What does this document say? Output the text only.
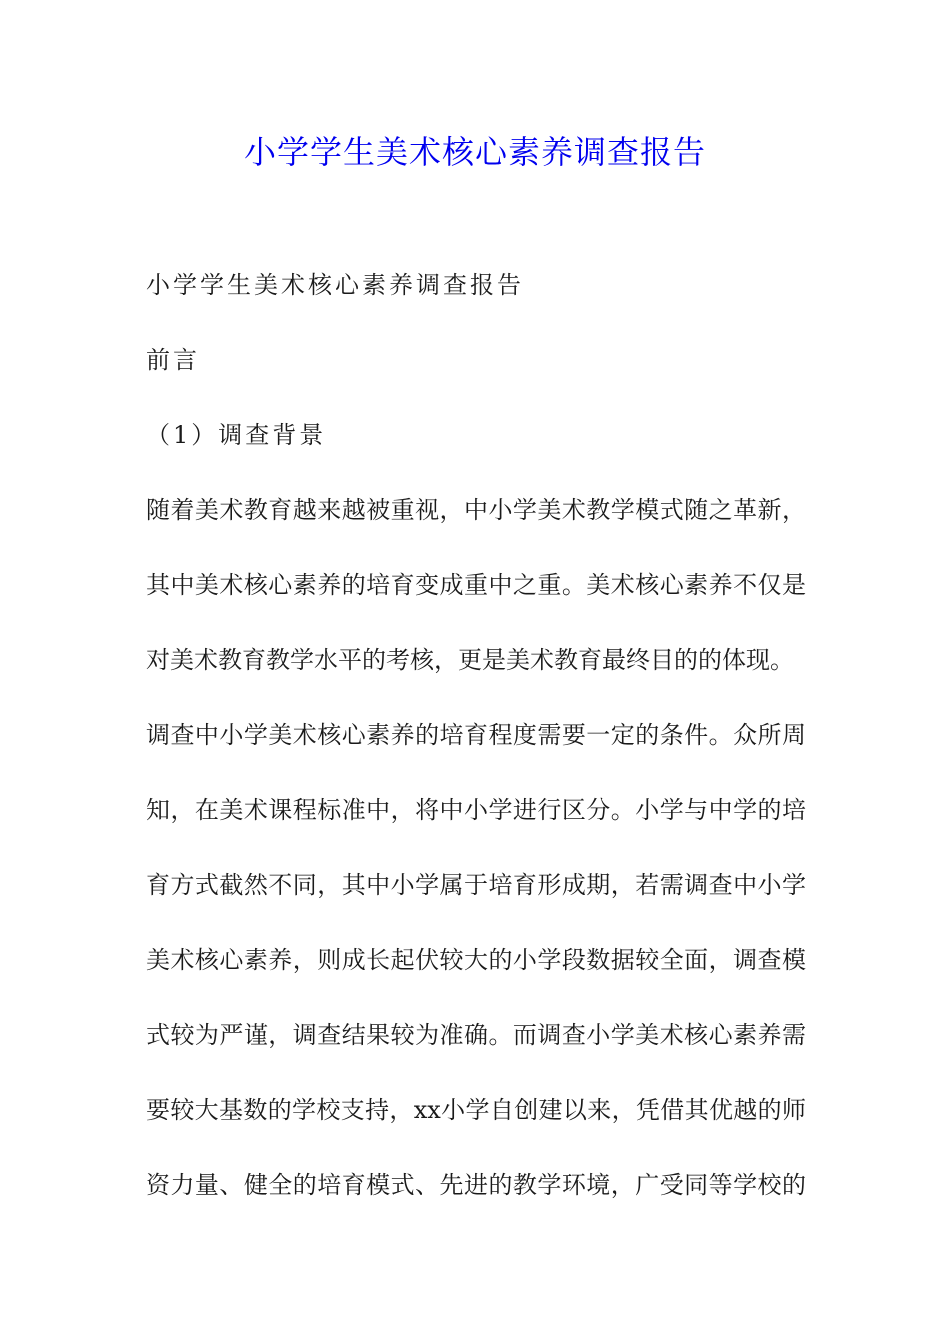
小学学生美术核心素养调查报告
小学学生美术核心素养调查报告
前言
（1）调查背景
随着美术教育越来越被重视，中小学美术教学模式随之革新，
其中美术核心素养的培育变成重中之重。美术核心素养不仅是
对美术教育教学水平的考核，更是美术教育最终目的的体现。
调查中小学美术核心素养的培育程度需要一定的条件。众所周
知，在美术课程标准中，将中小学进行区分。小学与中学的培
育方式截然不同，其中小学属于培育形成期，若需调查中小学
美术核心素养，则成长起伏较大的小学段数据较全面，调查模
式较为严谨，调查结果较为准确。而调查小学美术核心素养需
要较大基数的学校支持，xx小学自创建以来，凭借其优越的师
资力量、健全的培育模式、先进的教学环境，广受同等学校的
